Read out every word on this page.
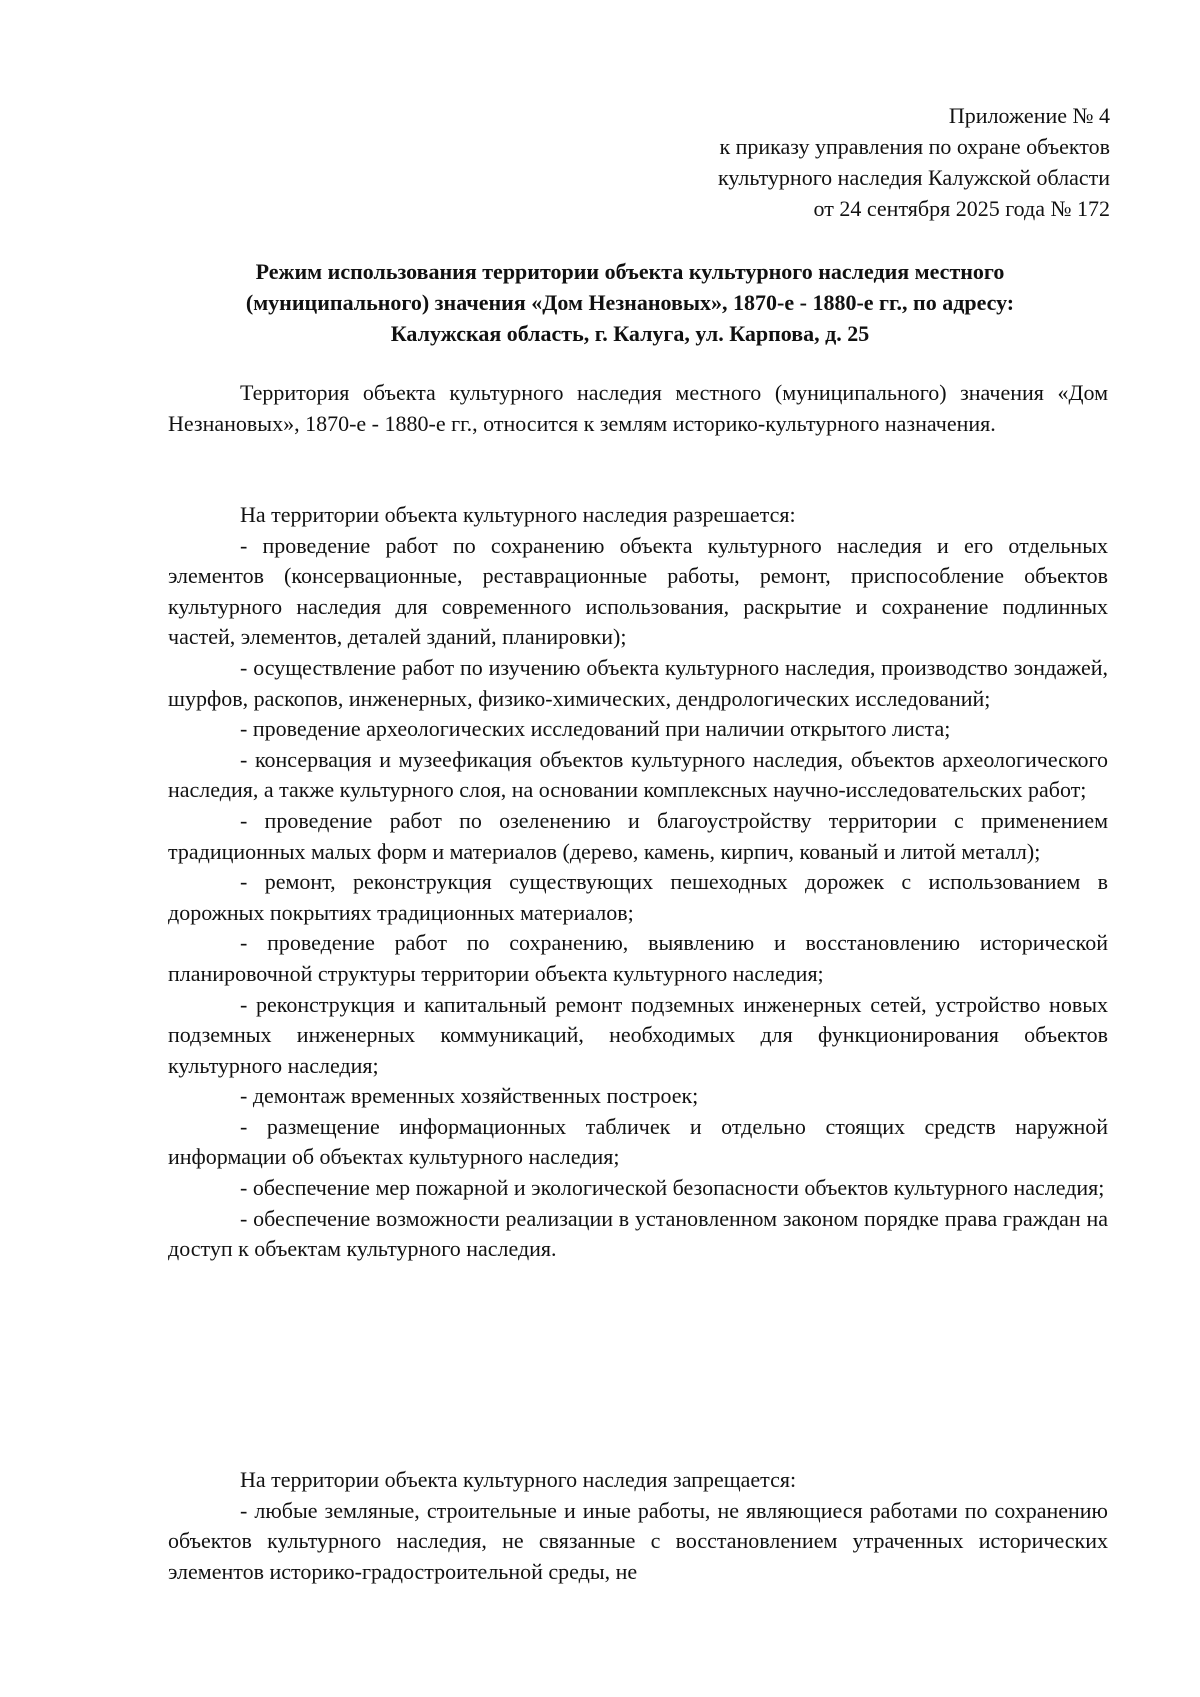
Приложение № 4
к приказу управления по охране объектов
культурного наследия Калужской области
от 24 сентября 2025 года № 172
Режим использования территории объекта культурного наследия местного
(муниципального) значения «Дом Незнановых», 1870-е - 1880-е гг., по адресу:
Калужская область, г. Калуга, ул. Карпова, д. 25

Территория объекта культурного наследия местного (муниципального) значения «Дом Незнановых», 1870-е - 1880-е гг., относится к землям историко-культурного назначения.

На территории объекта культурного наследия разрешается:

- проведение работ по сохранению объекта культурного наследия и его отдельных элементов (консервационные, реставрационные работы, ремонт, приспособление объектов культурного наследия для современного использования, раскрытие и сохранение подлинных частей, элементов, деталей зданий, планировки);

- осуществление работ по изучению объекта культурного наследия, производство зондажей, шурфов, раскопов, инженерных, физико-химических, дендрологических исследований;

- проведение археологических исследований при наличии открытого листа;

- консервация и музеефикация объектов культурного наследия, объектов археологического наследия, а также культурного слоя, на основании комплексных научно-исследовательских работ;

- проведение работ по озеленению и благоустройству территории с применением традиционных малых форм и материалов (дерево, камень, кирпич, кованый и литой металл);

- ремонт, реконструкция существующих пешеходных дорожек с использованием в дорожных покрытиях традиционных материалов;

- проведение работ по сохранению, выявлению и восстановлению исторической планировочной структуры территории объекта культурного наследия;

- реконструкция и капитальный ремонт подземных инженерных сетей, устройство новых подземных инженерных коммуникаций, необходимых для функционирования объектов культурного наследия;

- демонтаж временных хозяйственных построек;

- размещение информационных табличек и отдельно стоящих средств наружной информации об объектах культурного наследия;

- обеспечение мер пожарной и экологической безопасности объектов культурного наследия;

- обеспечение возможности реализации в установленном законом порядке права граждан на доступ к объектам культурного наследия.

На территории объекта культурного наследия запрещается:

- любые земляные, строительные и иные работы, не являющиеся работами по сохранению объектов культурного наследия, не связанные с восстановлением утраченных исторических элементов историко-градостроительной среды, не
